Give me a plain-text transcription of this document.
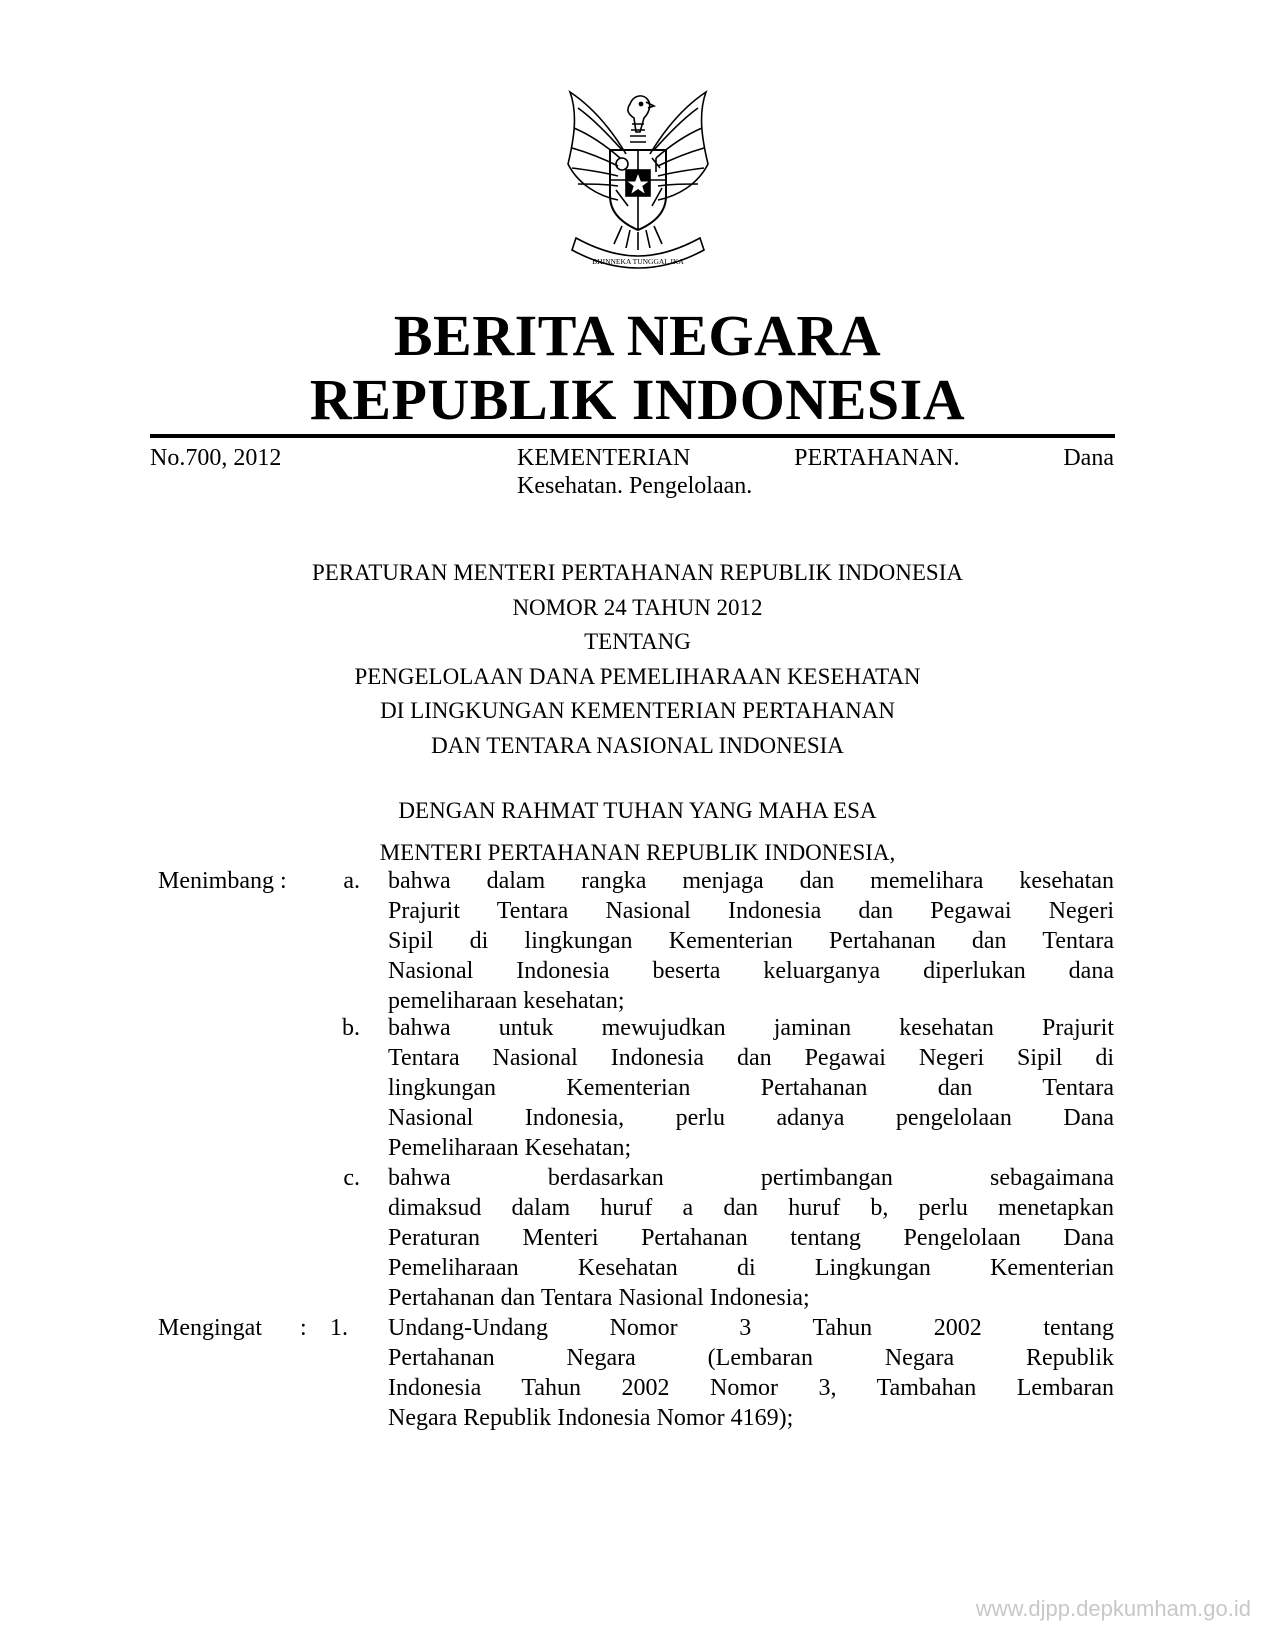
BHINNEKA TUNGGAL IKA
BERITA NEGARA
REPUBLIK INDONESIA
No.700, 2012	KEMENTERIAN	PERTAHANAN.	Dana
Kesehatan. Pengelolaan.
PERATURAN MENTERI PERTAHANAN REPUBLIK INDONESIA
NOMOR 24 TAHUN 2012
TENTANG
PENGELOLAAN DANA PEMELIHARAAN KESEHATAN
DI LINGKUNGAN KEMENTERIAN PERTAHANAN
DAN TENTARA NASIONAL INDONESIA
DENGAN RAHMAT TUHAN YANG MAHA ESA
MENTERI PERTAHANAN REPUBLIK INDONESIA,
Menimbang :	a. bahwa dalam rangka menjaga dan memelihara kesehatan
Prajurit Tentara Nasional Indonesia dan Pegawai Negeri
Sipil di lingkungan Kementerian Pertahanan dan Tentara
Nasional Indonesia beserta keluarganya diperlukan dana
pemeliharaan kesehatan;
b. bahwa untuk mewujudkan jaminan kesehatan Prajurit
Tentara Nasional Indonesia dan Pegawai Negeri Sipil di
lingkungan Kementerian Pertahanan dan Tentara
Nasional Indonesia, perlu adanya pengelolaan Dana
Pemeliharaan Kesehatan;
c. bahwa berdasarkan pertimbangan sebagaimana
dimaksud dalam huruf a dan huruf b, perlu menetapkan
Peraturan Menteri Pertahanan tentang Pengelolaan Dana
Pemeliharaan Kesehatan di Lingkungan Kementerian
Pertahanan dan Tentara Nasional Indonesia;
Mengingat : 1. Undang-Undang Nomor 3 Tahun 2002 tentang
Pertahanan Negara (Lembaran Negara Republik
Indonesia Tahun 2002 Nomor 3, Tambahan Lembaran
Negara Republik Indonesia Nomor 4169);
www.djpp.depkumham.go.id
